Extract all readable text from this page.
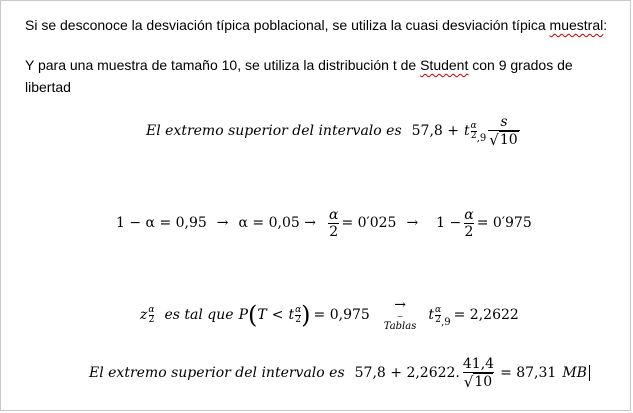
Si se desconoce la desviación típica poblacional, se utiliza la cuasi desviación típica muestral:
Y para una muestra de tamaño 10, se utiliza la distribución t de Student con 9 grados de
libertad
El extremo superior del intervalo es 57,8 + t α
2 $,9 \frac{s}{√ 10}$
$1 - \alpha = 0,95 \to \alpha = 0,05 \to \frac{\alpha}{2} = 0'025 \to 1 - \frac{\alpha}{2} = 0'975$
z α
2 es tal que P ( T < t α
2 ) = 0,975
→
⌣
Tablas
t α
2 ,9 = 2,2622
El extremo superior del intervalo es 57,8 + 2,2622. $\frac{41,4}{√ 10} = 87,31$ MB
